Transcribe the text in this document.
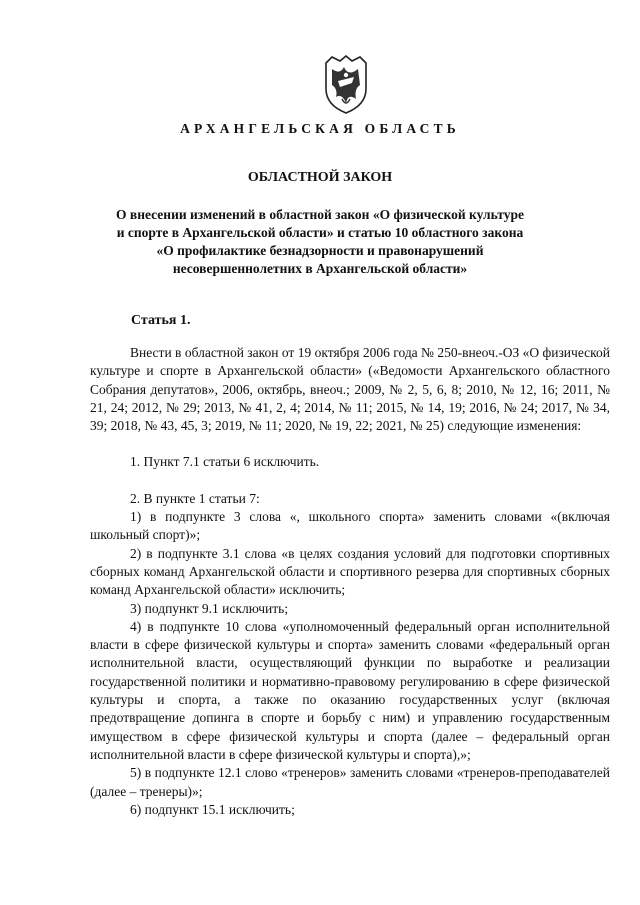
АРХАНГЕЛЬСКАЯ ОБЛАСТЬ
ОБЛАСТНОЙ ЗАКОН
О внесении изменений в областной закон «О физической культуре
и спорте в Архангельской области» и статью 10 областного закона
«О профилактике безнадзорности и правонарушений
несовершеннолетних в Архангельской области»
Статья 1.

Внести в областной закон от 19 октября 2006 года № 250-внеоч.-ОЗ «О физической культуре и спорте в Архангельской области» («Ведомости Архангельского областного Собрания депутатов», 2006, октябрь, внеоч.; 2009, № 2, 5, 6, 8; 2010, № 12, 16; 2011, № 21, 24; 2012, № 29; 2013, № 41, 2, 4; 2014, № 11; 2015, № 14, 19; 2016, № 24; 2017, № 34, 39; 2018, № 43, 45, 3; 2019, № 11; 2020, № 19, 22; 2021, № 25) следующие изменения:

1. Пункт 7.1 статьи 6 исключить.

2. В пункте 1 статьи 7:

1) в подпункте 3 слова «, школьного спорта» заменить словами «(включая школьный спорт)»;

2) в подпункте 3.1 слова «в целях создания условий для подготовки спортивных сборных команд Архангельской области и спортивного резерва для спортивных сборных команд Архангельской области» исключить;

3) подпункт 9.1 исключить;

4) в подпункте 10 слова «уполномоченный федеральный орган исполнительной власти в сфере физической культуры и спорта» заменить словами «федеральный орган исполнительной власти, осуществляющий функции по выработке и реализации государственной политики и нормативно-правовому регулированию в сфере физической культуры и спорта, а также по оказанию государственных услуг (включая предотвращение допинга в спорте и борьбу с ним) и управлению государственным имуществом в сфере физической культуры и спорта (далее – федеральный орган исполнительной власти в сфере физической культуры и спорта),»;

5) в подпункте 12.1 слово «тренеров» заменить словами «тренеров-преподавателей (далее – тренеры)»;

6) подпункт 15.1 исключить;
